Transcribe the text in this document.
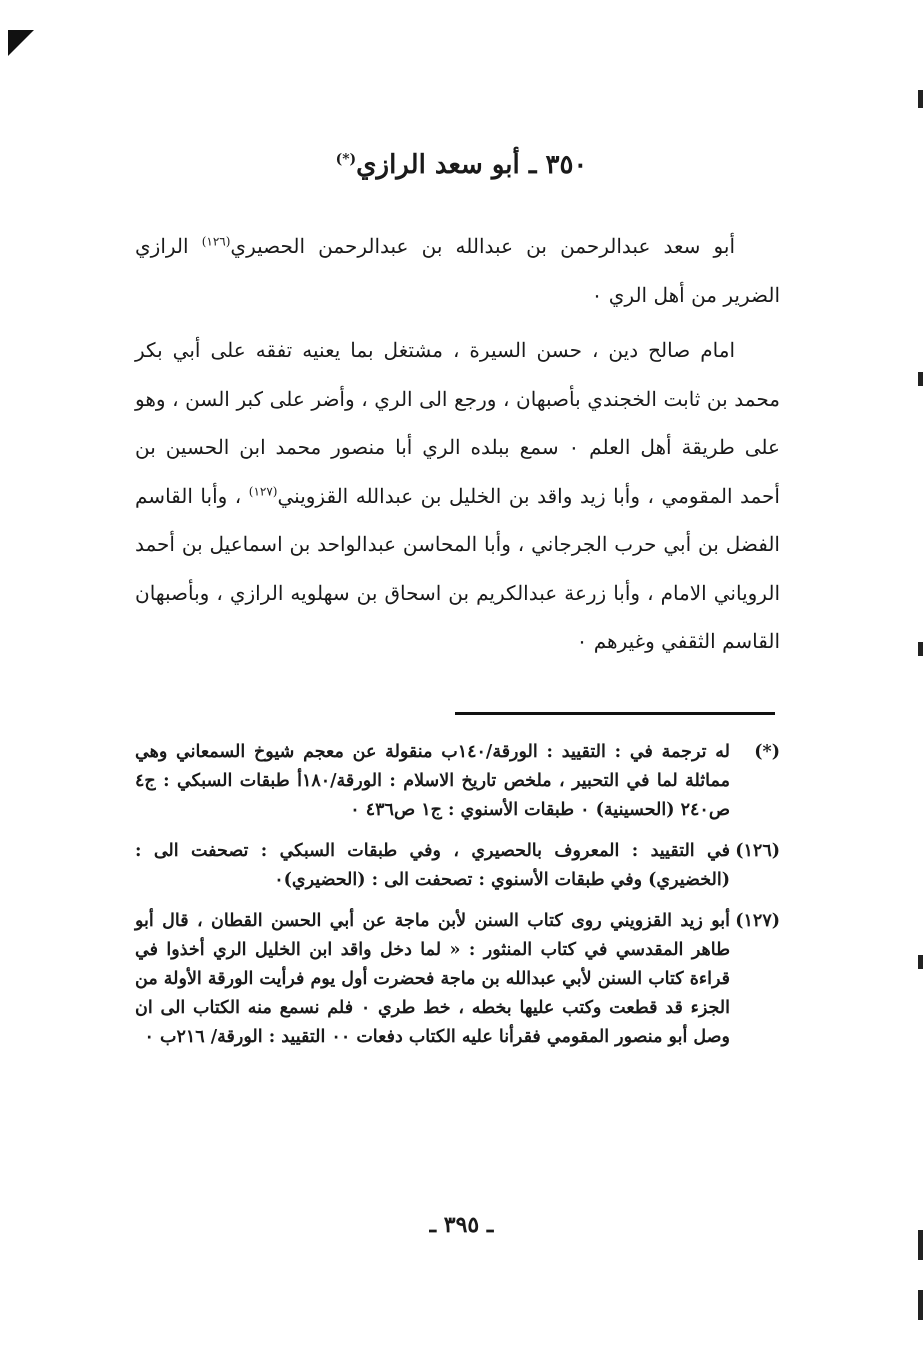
٣٥٠ ـ أبو سعد الرازي(*)
أبو سعد عبدالرحمن بن عبدالله بن عبدالرحمن الحصيري$^{(١٢٦)}$ الرازي الضرير من أهل الري ٠
امام صالح دين ، حسن السيرة ، مشتغل بما يعنيه تفقه على أبي بكر محمد بن ثابت الخجندي بأصبهان ، ورجع الى الري ، وأضر على كبر السن ، وهو على طريقة أهل العلم ٠ سمع ببلده الري أبا منصور محمد ابن الحسين بن أحمد المقومي ، وأبا زيد واقد بن الخليل بن عبدالله القزويني$^{(١٢٧)}$ ، وأبا القاسم الفضل بن أبي حرب الجرجاني ، وأبا المحاسن عبدالواحد بن اسماعيل بن أحمد الروياني الامام ، وأبا زرعة عبدالكريم بن اسحاق بن سهلويه الرازي ، وبأصبهان القاسم الثقفي وغيرهم ٠
(*)
له ترجمة في : التقييد : الورقة/١٤٠ب منقولة عن معجم شيوخ السمعاني وهي مماثلة لما في التحبير ، ملخص تاريخ الاسلام : الورقة/١٨٠أ طبقات السبكي : ج٤ ص٢٤٠ (الحسينية) ٠ طبقات الأسنوي : ج١ ص٤٣٦ ٠
(١٢٦)
في التقييد : المعروف بالحصيري ، وفي طبقات السبكي : تصحفت الى : (الخضيري) وفي طبقات الأسنوي : تصحفت الى : (الحضيري)٠
(١٢٧)
أبو زيد القزويني روى كتاب السنن لأبن ماجة عن أبي الحسن القطان ، قال أبو طاهر المقدسي في كتاب المنثور : « لما دخل واقد ابن الخليل الري أخذوا في قراءة كتاب السنن لأبي عبدالله بن ماجة فحضرت أول يوم فرأيت الورقة الأولة من الجزء قد قطعت وكتب عليها بخطه ، خط طري ٠ فلم نسمع منه الكتاب الى ان وصل أبو منصور المقومي فقرأنا عليه الكتاب دفعات ٠٠ التقييد : الورقة/ ٢١٦ب ٠
ـ ٣٩٥ ـ
